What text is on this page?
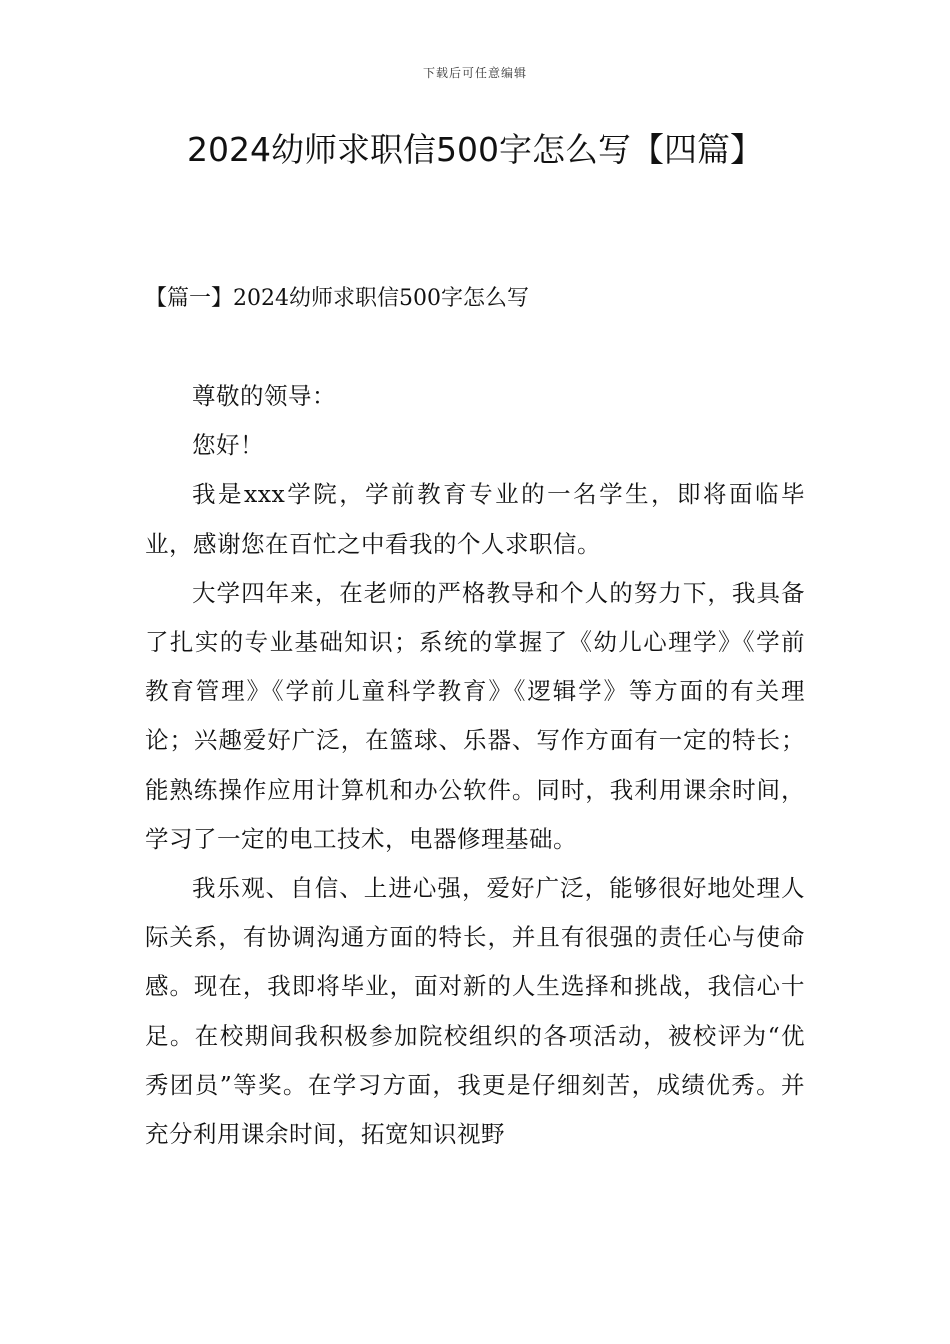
下载后可任意编辑
2024幼师求职信500字怎么写【四篇】
【篇一】2024幼师求职信500字怎么写

尊敬的领导：

您好！

我是xxx学院，学前教育专业的一名学生，即将面临毕业，感谢您在百忙之中看我的个人求职信。

大学四年来，在老师的严格教导和个人的努力下，我具备了扎实的专业基础知识；系统的掌握了《幼儿心理学》《学前教育管理》《学前儿童科学教育》《逻辑学》等方面的有关理论；兴趣爱好广泛，在篮球、乐器、写作方面有一定的特长；能熟练操作应用计算机和办公软件。同时，我利用课余时间，学习了一定的电工技术，电器修理基础。

我乐观、自信、上进心强，爱好广泛，能够很好地处理人际关系，有协调沟通方面的特长，并且有很强的责任心与使命感。现在，我即将毕业，面对新的人生选择和挑战，我信心十足。在校期间我积极参加院校组织的各项活动，被校评为“优秀团员”等奖。在学习方面，我更是仔细刻苦，成绩优秀。并充分利用课余时间，拓宽知识视野
